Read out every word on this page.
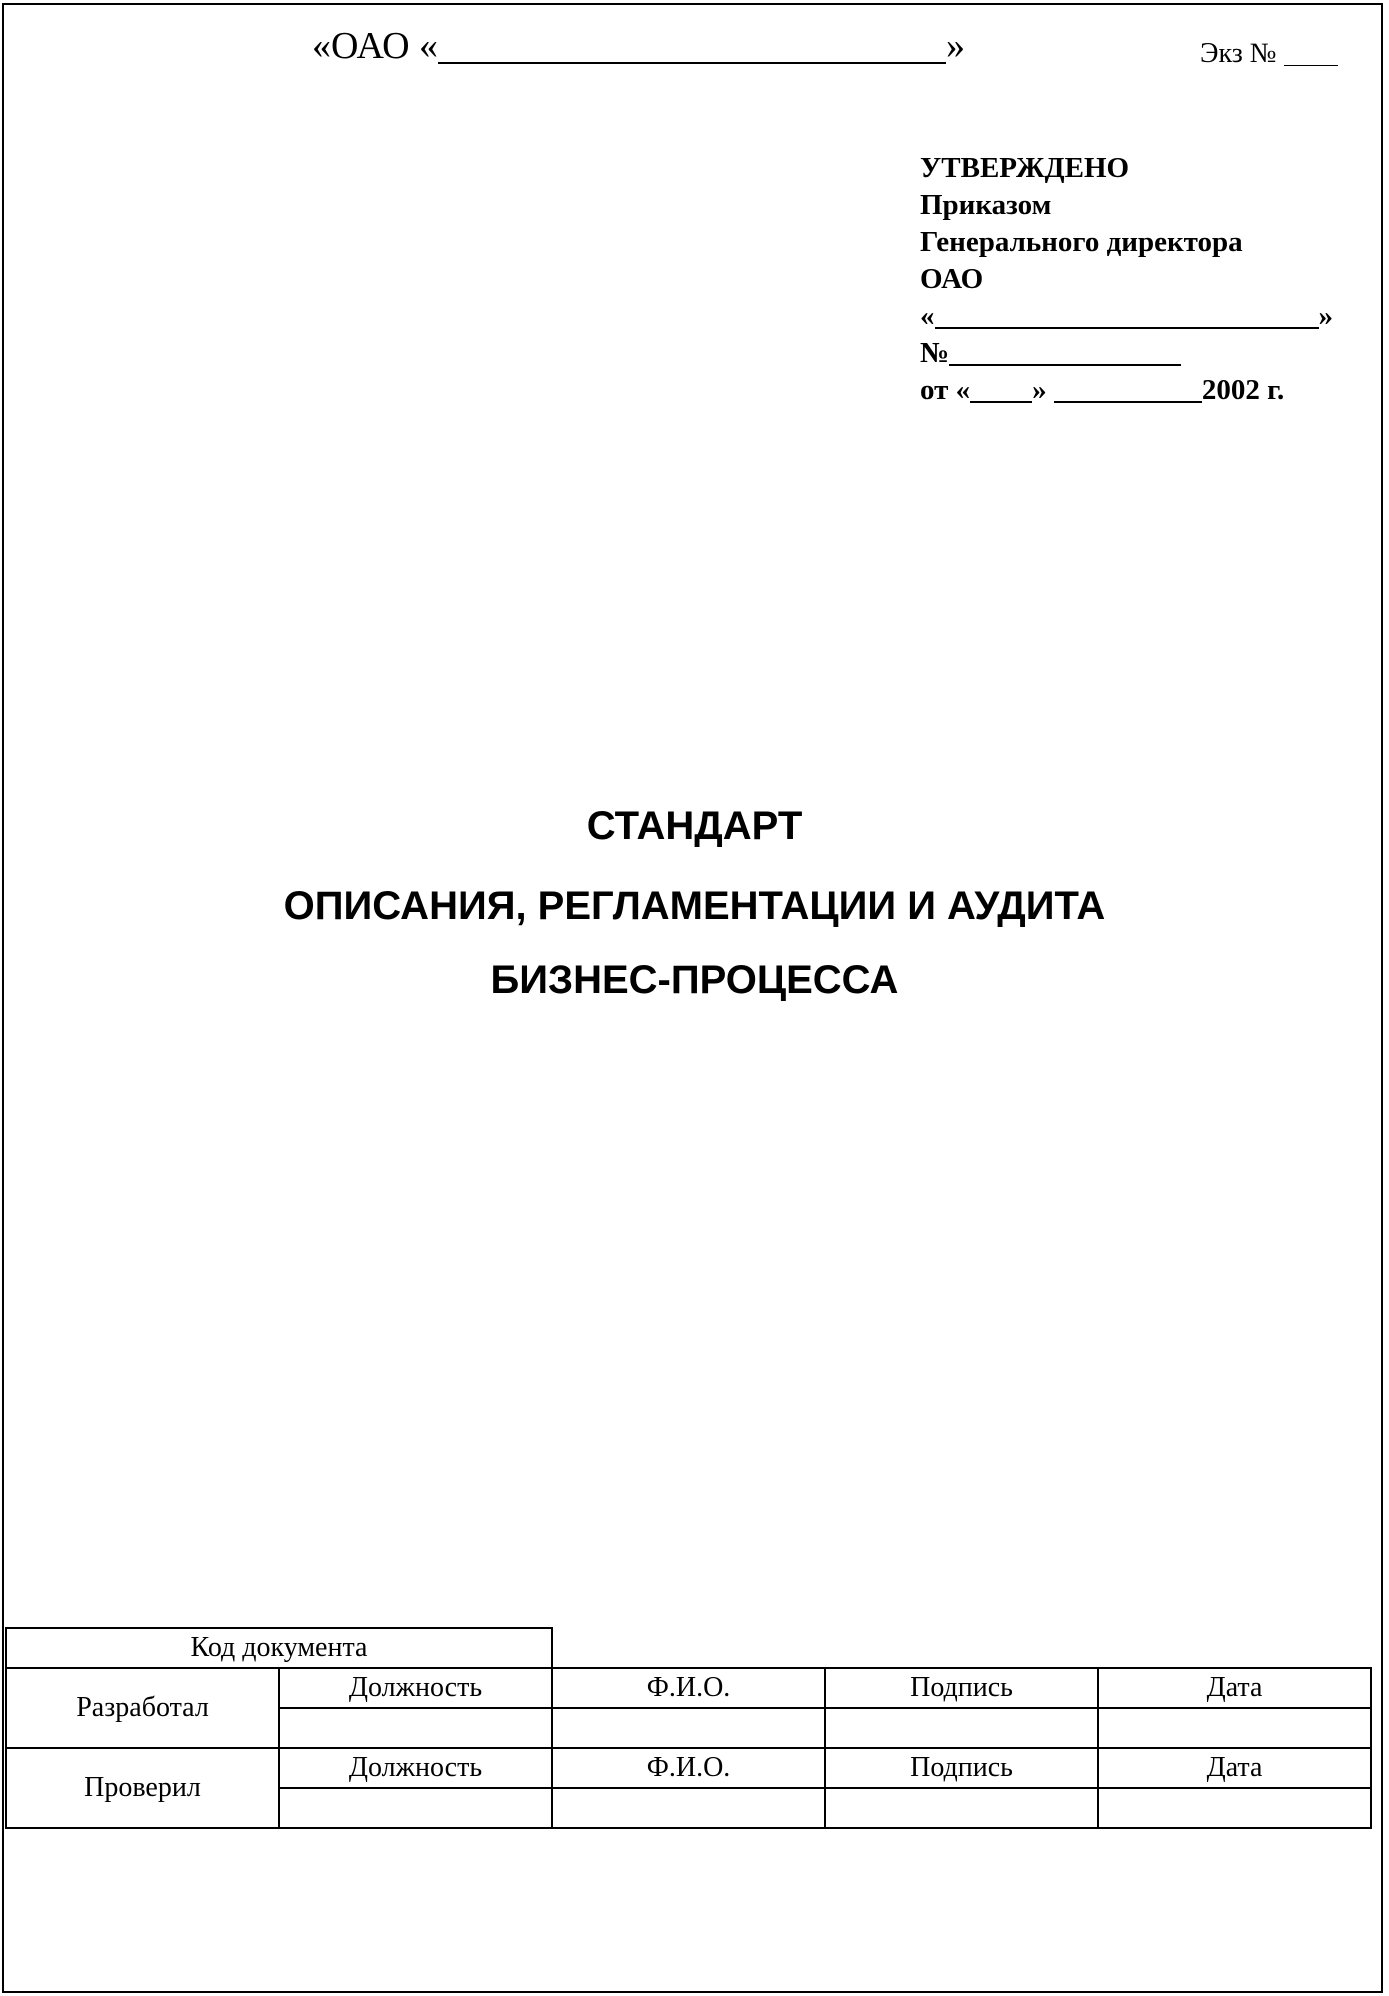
«ОАО «	»	Экз №
УТВЕРЖДЕНО
Приказом
Генерального директора
ОАО
«	»
№
от « »	2002 г.
СТАНДАРТ
ОПИСАНИЯ, РЕГЛАМЕНТАЦИИ И АУДИТА
БИЗНЕС-ПРОЦЕССА
Код документа				
Разработал	Должность	Ф.И.О.	Подпись	Дата

Проверил	Должность	Ф.И.О.	Подпись	Дата
